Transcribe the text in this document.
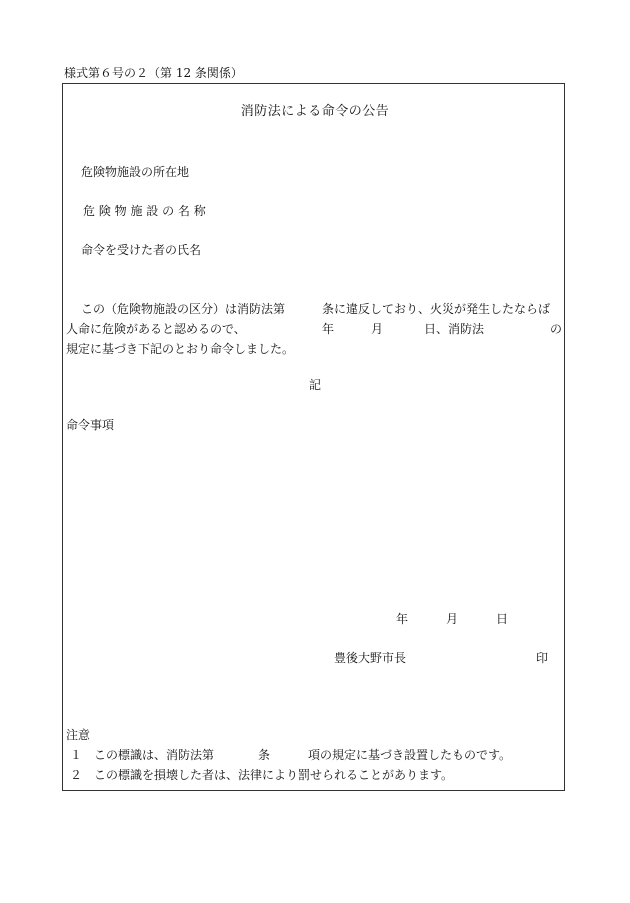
様式第６号の２（第 12 条関係）
消防法による命令の公告
危険物施設の所在地
危 険 物 施 設 の 名 称
命令を受けた者の氏名
この（危険物施設の区分）は消防法第	条に違反しており、火災が発生したならば
人命に危険があると認めるので、	年	月	日、消防法	の
規定に基づき下記のとおり命令しました。
記
命令事項
年	月	日
豊後大野市長	印
注意
１ この標識は、消防法第	条	項の規定に基づき設置したものです。
２ この標識を損壊した者は、法律により罰せられることがあります。
